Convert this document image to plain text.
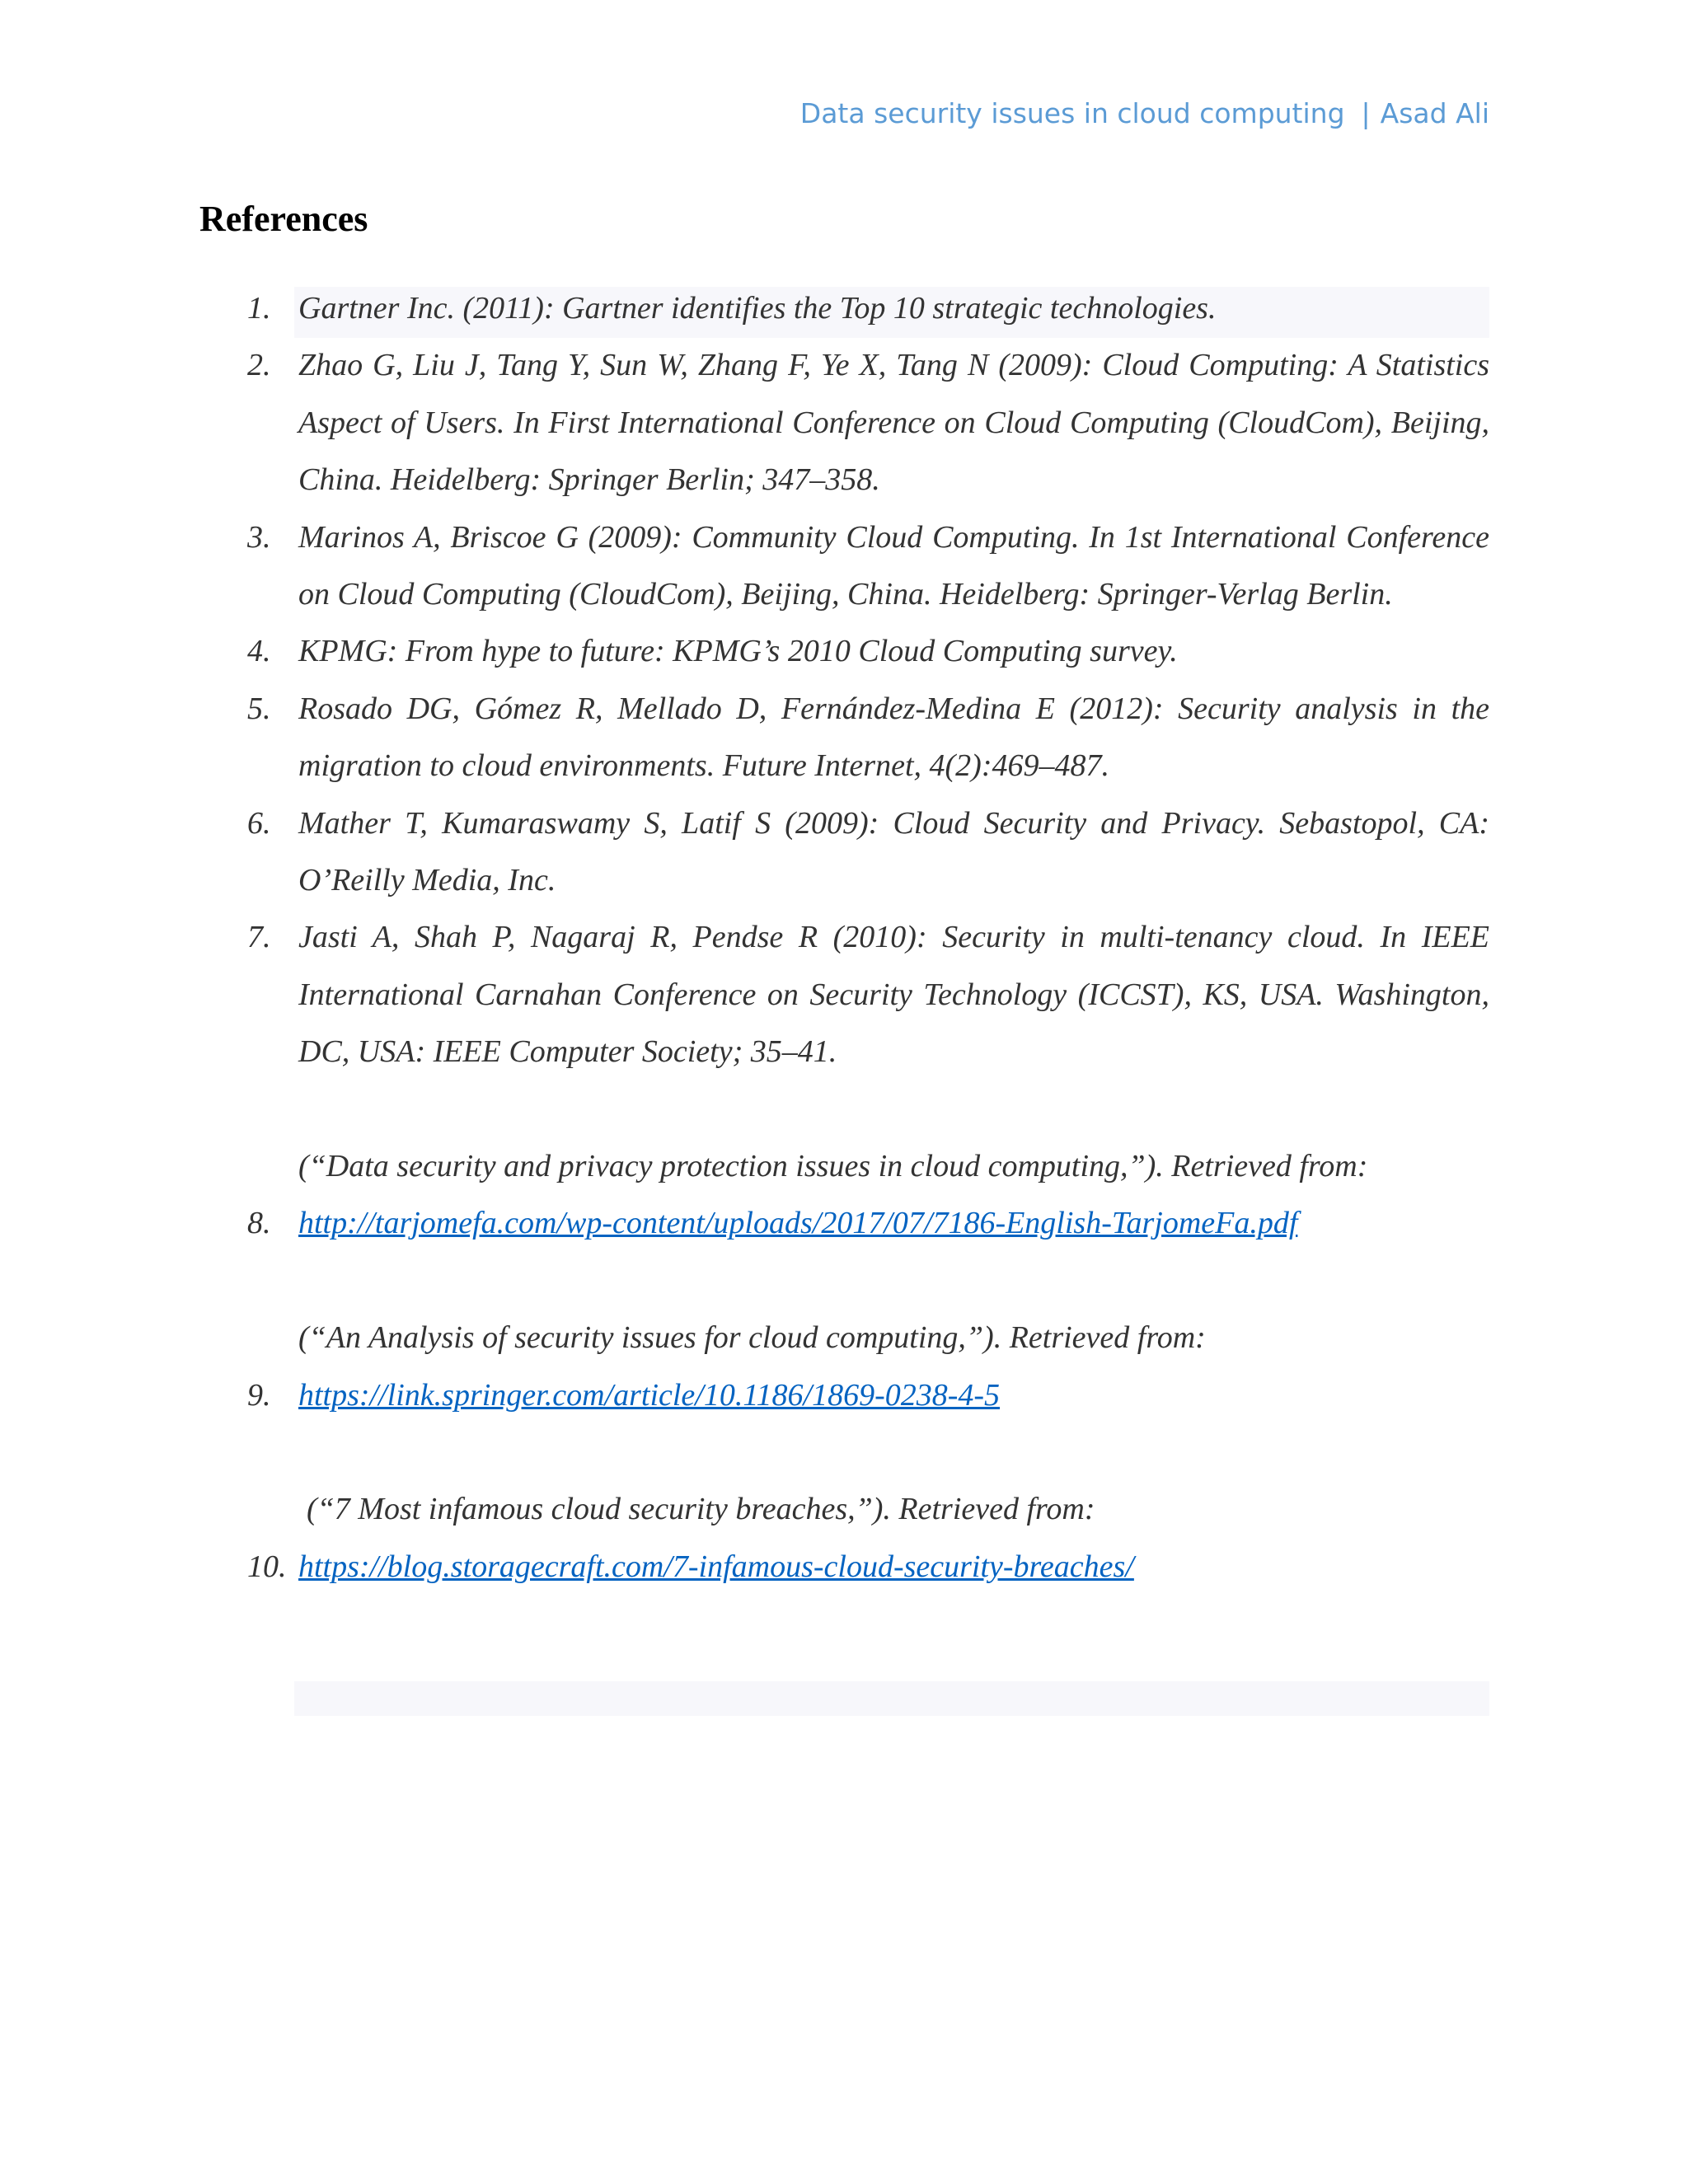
Data security issues in cloud computing | Asad Ali
References
1. Gartner Inc. (2011): Gartner identifies the Top 10 strategic technologies.
2. Zhao G, Liu J, Tang Y, Sun W, Zhang F, Ye X, Tang N (2009): Cloud Computing: A Statistics Aspect of Users. In First International Conference on Cloud Computing (CloudCom), Beijing, China. Heidelberg: Springer Berlin; 347–358.
3. Marinos A, Briscoe G (2009): Community Cloud Computing. In 1st International Conference on Cloud Computing (CloudCom), Beijing, China. Heidelberg: Springer-Verlag Berlin.
4. KPMG: From hype to future: KPMG’s 2010 Cloud Computing survey.
5. Rosado DG, Gómez R, Mellado D, Fernández-Medina E (2012): Security analysis in the migration to cloud environments. Future Internet, 4(2):469–487.
6. Mather T, Kumaraswamy S, Latif S (2009): Cloud Security and Privacy. Sebastopol, CA: O’Reilly Media, Inc.
7. Jasti A, Shah P, Nagaraj R, Pendse R (2010): Security in multi-tenancy cloud. In IEEE International Carnahan Conference on Security Technology (ICCST), KS, USA. Washington, DC, USA: IEEE Computer Society; 35–41.
(“Data security and privacy protection issues in cloud computing,”). Retrieved from:
8. http://tarjomefa.com/wp-content/uploads/2017/07/7186-English-TarjomeFa.pdf
(“An Analysis of security issues for cloud computing,”). Retrieved from:
9. https://link.springer.com/article/10.1186/1869-0238-4-5
(“7 Most infamous cloud security breaches,”). Retrieved from:
10. https://blog.storagecraft.com/7-infamous-cloud-security-breaches/
